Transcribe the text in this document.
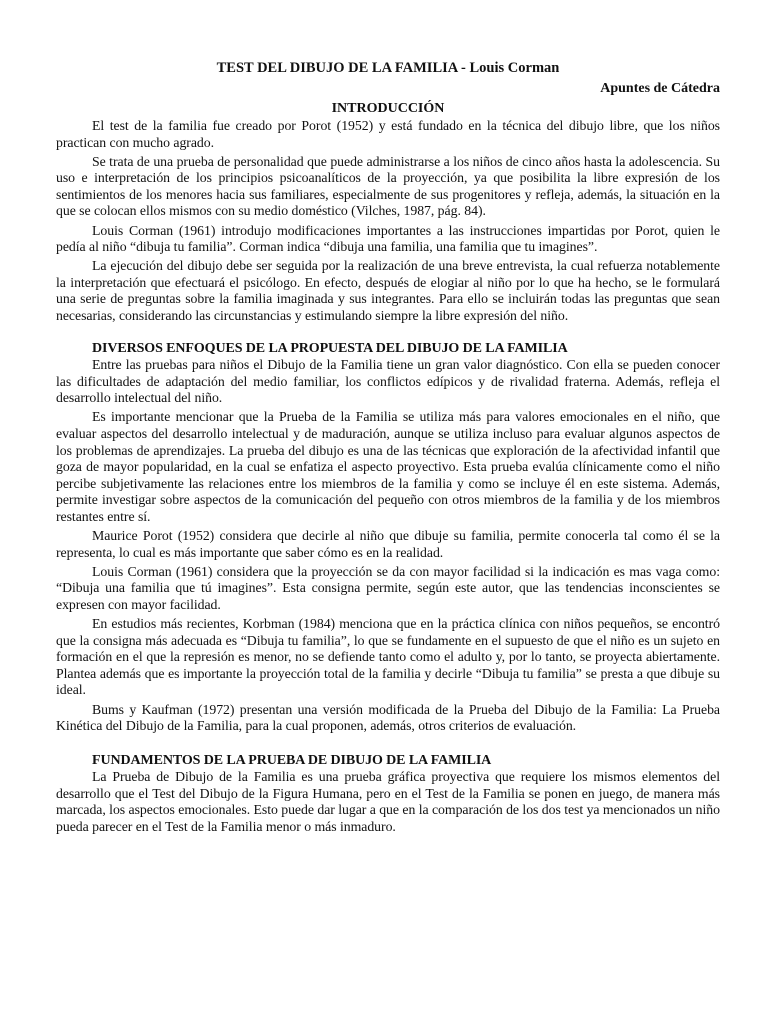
TEST DEL DIBUJO DE LA FAMILIA - Louis Corman
Apuntes de Cátedra
INTRODUCCIÓN

El test de la familia fue creado por Porot (1952) y está fundado en la técnica del dibujo libre, que los niños practican con mucho agrado.

Se trata de una prueba de personalidad que puede administrarse a los niños de cinco años hasta la adolescencia. Su uso e interpretación de los principios psicoanalíticos de la proyección, ya que posibilita la libre expresión de los sentimientos de los menores hacia sus familiares, especialmente de sus progenitores y refleja, además, la situación en la que se colocan ellos mismos con su medio doméstico (Vilches, 1987, pág. 84).

Louis Corman (1961) introdujo modificaciones importantes a las instrucciones impartidas por Porot, quien le pedía al niño “dibuja tu familia”. Corman indica “dibuja una familia, una familia que tu imagines”.

La ejecución del dibujo debe ser seguida por la realización de una breve entrevista, la cual refuerza notablemente la interpretación que efectuará el psicólogo. En efecto, después de elogiar al niño por lo que ha hecho, se le formulará una serie de preguntas sobre la familia imaginada y sus integrantes. Para ello se incluirán todas las preguntas que sean necesarias, considerando las circunstancias y estimulando siempre la libre expresión del niño.

DIVERSOS ENFOQUES DE LA PROPUESTA DEL DIBUJO DE LA FAMILIA

Entre las pruebas para niños el Dibujo de la Familia tiene un gran valor diagnóstico. Con ella se pueden conocer las dificultades de adaptación del medio familiar, los conflictos edípicos y de rivalidad fraterna. Además, refleja el desarrollo intelectual del niño.

Es importante mencionar que la Prueba de la Familia se utiliza más para valores emocionales en el niño, que evaluar aspectos del desarrollo intelectual y de maduración, aunque se utiliza incluso para evaluar algunos aspectos de los problemas de aprendizajes. La prueba del dibujo es una de las técnicas que exploración de la afectividad infantil que goza de mayor popularidad, en la cual se enfatiza el aspecto proyectivo. Esta prueba evalúa clínicamente como el niño percibe subjetivamente las relaciones entre los miembros de la familia y como se incluye él en este sistema. Además, permite investigar sobre aspectos de la comunicación del pequeño con otros miembros de la familia y de los miembros restantes entre sí.

Maurice Porot (1952) considera que decirle al niño que dibuje su familia, permite conocerla tal como él se la representa, lo cual es más importante que saber cómo es en la realidad.

Louis Corman (1961) considera que la proyección se da con mayor facilidad si la indicación es mas vaga como: “Dibuja una familia que tú imagines”. Esta consigna permite, según este autor, que las tendencias inconscientes se expresen con mayor facilidad.

En estudios más recientes, Korbman (1984) menciona que en la práctica clínica con niños pequeños, se encontró que la consigna más adecuada es “Dibuja tu familia”, lo que se fundamente en el supuesto de que el niño es un sujeto en formación en el que la represión es menor, no se defiende tanto como el adulto y, por lo tanto, se proyecta abiertamente. Plantea además que es importante la proyección total de la familia y decirle “Dibuja tu familia” se presta a que dibuje su ideal.

Bums y Kaufman (1972) presentan una versión modificada de la Prueba del Dibujo de la Familia: La Prueba Kinética del Dibujo de la Familia, para la cual proponen, además, otros criterios de evaluación.

FUNDAMENTOS DE LA PRUEBA DE DIBUJO DE LA FAMILIA

La Prueba de Dibujo de la Familia es una prueba gráfica proyectiva que requiere los mismos elementos del desarrollo que el Test del Dibujo de la Figura Humana, pero en el Test de la Familia se ponen en juego, de manera más marcada, los aspectos emocionales. Esto puede dar lugar a que en la comparación de los dos test ya mencionados un niño pueda parecer en el Test de la Familia menor o más inmaduro.
